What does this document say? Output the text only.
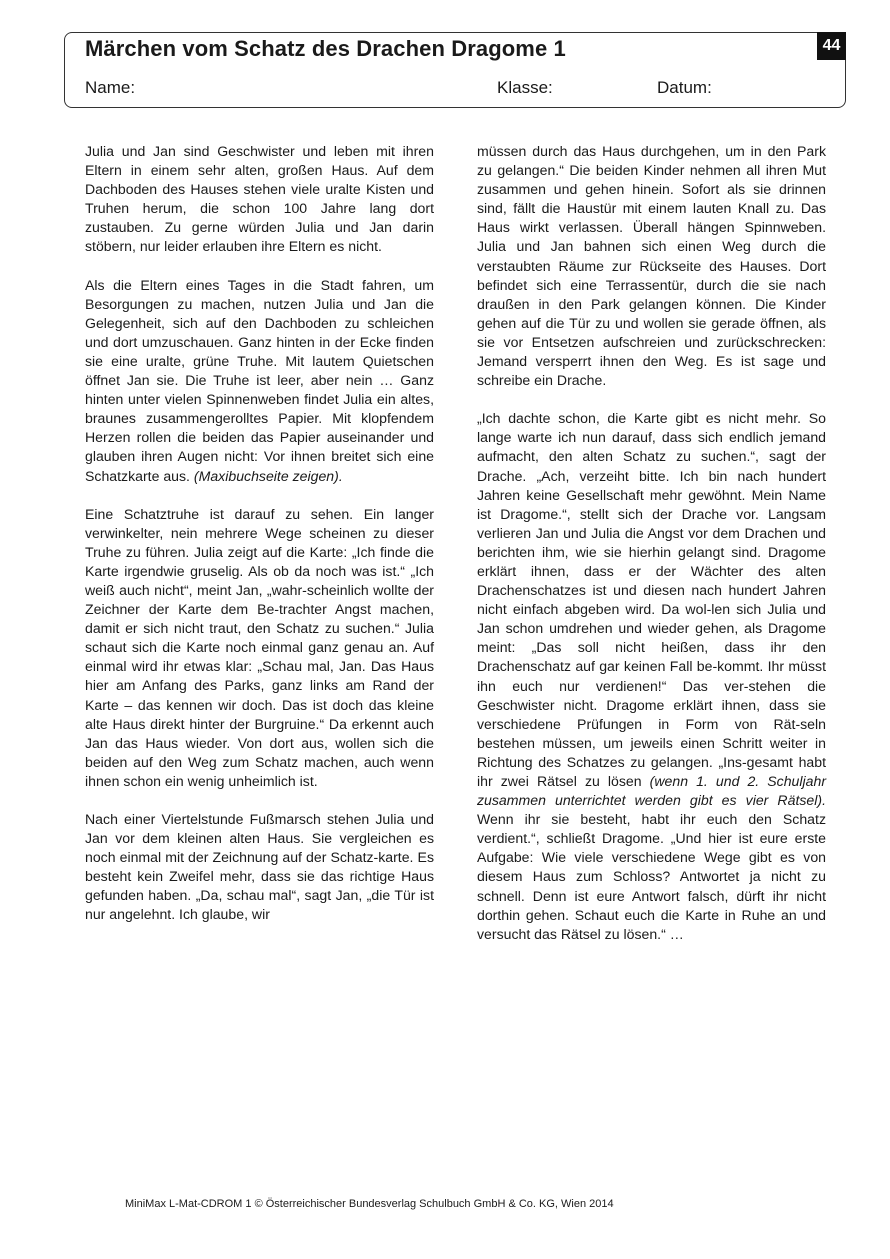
Märchen vom Schatz des Drachen Dragome 1	44
Name:	Klasse:	Datum:

Julia und Jan sind Geschwister und leben mit ihren Eltern in einem sehr alten, großen Haus. Auf dem Dachboden des Hauses stehen viele uralte Kisten und Truhen herum, die schon 100 Jahre lang dort zustauben. Zu gerne würden Julia und Jan darin stöbern, nur leider erlauben ihre Eltern es nicht.

Als die Eltern eines Tages in die Stadt fahren, um Besorgungen zu machen, nutzen Julia und Jan die Gelegenheit, sich auf den Dachboden zu schleichen und dort umzuschauen. Ganz hinten in der Ecke finden sie eine uralte, grüne Truhe. Mit lautem Quietschen öffnet Jan sie. Die Truhe ist leer, aber nein … Ganz hinten unter vielen Spinnenweben findet Julia ein altes, braunes zusammengerolltes Papier. Mit klopfendem Herzen rollen die beiden das Papier auseinander und glauben ihren Augen nicht: Vor ihnen breitet sich eine Schatzkarte aus. (Maxibuchseite zeigen).

Eine Schatztruhe ist darauf zu sehen. Ein langer verwinkelter, nein mehrere Wege scheinen zu dieser Truhe zu führen. Julia zeigt auf die Karte: „Ich finde die Karte irgendwie gruselig. Als ob da noch was ist.“ „Ich weiß auch nicht“, meint Jan, „wahr-scheinlich wollte der Zeichner der Karte dem Be-trachter Angst machen, damit er sich nicht traut, den Schatz zu suchen.“ Julia schaut sich die Karte noch einmal ganz genau an. Auf einmal wird ihr etwas klar: „Schau mal, Jan. Das Haus hier am Anfang des Parks, ganz links am Rand der Karte – das kennen wir doch. Das ist doch das kleine alte Haus direkt hinter der Burgruine.“ Da erkennt auch Jan das Haus wieder. Von dort aus, wollen sich die beiden auf den Weg zum Schatz machen, auch wenn ihnen schon ein wenig unheimlich ist.

Nach einer Viertelstunde Fußmarsch stehen Julia und Jan vor dem kleinen alten Haus. Sie vergleichen es noch einmal mit der Zeichnung auf der Schatz-karte. Es besteht kein Zweifel mehr, dass sie das richtige Haus gefunden haben. „Da, schau mal“, sagt Jan, „die Tür ist nur angelehnt. Ich glaube, wir

müssen durch das Haus durchgehen, um in den Park zu gelangen.“ Die beiden Kinder nehmen all ihren Mut zusammen und gehen hinein. Sofort als sie drinnen sind, fällt die Haustür mit einem lauten Knall zu. Das Haus wirkt verlassen. Überall hängen Spinnweben. Julia und Jan bahnen sich einen Weg durch die verstaubten Räume zur Rückseite des Hauses. Dort befindet sich eine Terrassentür, durch die sie nach draußen in den Park gelangen können. Die Kinder gehen auf die Tür zu und wollen sie gerade öffnen, als sie vor Entsetzen aufschreien und zurückschrecken: Jemand versperrt ihnen den Weg. Es ist sage und schreibe ein Drache.

„Ich dachte schon, die Karte gibt es nicht mehr. So lange warte ich nun darauf, dass sich endlich jemand aufmacht, den alten Schatz zu suchen.“, sagt der Drache. „Ach, verzeiht bitte. Ich bin nach hundert Jahren keine Gesellschaft mehr gewöhnt. Mein Name ist Dragome.“, stellt sich der Drache vor. Langsam verlieren Jan und Julia die Angst vor dem Drachen und berichten ihm, wie sie hierhin gelangt sind. Dragome erklärt ihnen, dass er der Wächter des alten Drachenschatzes ist und diesen nach hundert Jahren nicht einfach abgeben wird. Da wol-len sich Julia und Jan schon umdrehen und wieder gehen, als Dragome meint: „Das soll nicht heißen, dass ihr den Drachenschatz auf gar keinen Fall be-kommt. Ihr müsst ihn euch nur verdienen!“ Das ver-stehen die Geschwister nicht. Dragome erklärt ihnen, dass sie verschiedene Prüfungen in Form von Rät-seln bestehen müssen, um jeweils einen Schritt weiter in Richtung des Schatzes zu gelangen. „Ins-gesamt habt ihr zwei Rätsel zu lösen (wenn 1. und 2. Schuljahr zusammen unterrichtet werden gibt es vier Rätsel). Wenn ihr sie besteht, habt ihr euch den Schatz verdient.“, schließt Dragome. „Und hier ist eure erste Aufgabe: Wie viele verschiedene Wege gibt es von diesem Haus zum Schloss? Antwortet ja nicht zu schnell. Denn ist eure Antwort falsch, dürft ihr nicht dorthin gehen. Schaut euch die Karte in Ruhe an und versucht das Rätsel zu lösen.“ …

MiniMax L-Mat-CDROM 1 © Österreichischer Bundesverlag Schulbuch GmbH & Co. KG, Wien 2014
